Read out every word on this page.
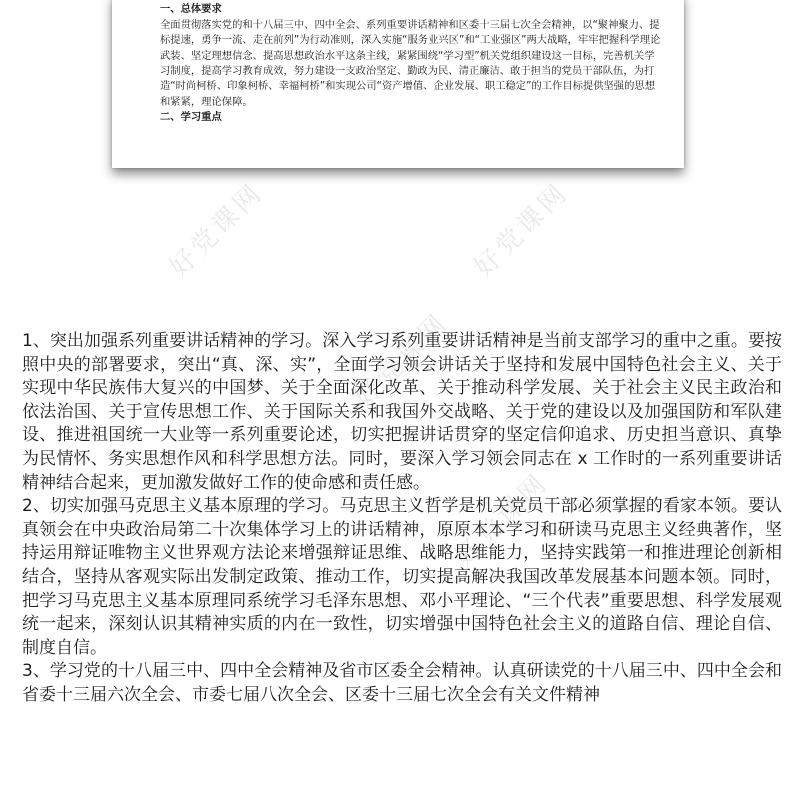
一、总体要求
全面贯彻落实党的和十八届三中、四中全会、系列重要讲话精神和区委十三届七次全会精神，以“聚神聚力、提标提速，勇争一流、走在前列”为行动准则，深入实施“服务业兴区”和“工业强区”两大战略，牢牢把握科学理论武装、坚定理想信念、提高思想政治水平这条主线，紧紧围绕“学习型”机关党组织建设这一目标，完善机关学习制度，提高学习教育成效，努力建设一支政治坚定、勤政为民、清正廉洁、敢于担当的党员干部队伍，为打造“时尚柯桥、印象柯桥、幸福柯桥”和实现公司“资产增值、企业发展、职工稳定”的工作目标提供坚强的思想和紧紧，理论保障。
二、学习重点
好党课网	好党课网
好党课网
好党课网

1、突出加强系列重要讲话精神的学习。深入学习系列重要讲话精神是当前支部学习的重中之重。要按照中央的部署要求，突出“真、深、实”，全面学习领会讲话关于坚持和发展中国特色社会主义、关于实现中华民族伟大复兴的中国梦、关于全面深化改革、关于推动科学发展、关于社会主义民主政治和依法治国、关于宣传思想工作、关于国际关系和我国外交战略、关于党的建设以及加强国防和军队建设、推进祖国统一大业等一系列重要论述，切实把握讲话贯穿的坚定信仰追求、历史担当意识、真挚为民情怀、务实思想作风和科学思想方法。同时，要深入学习领会同志在 x 工作时的一系列重要讲话精神结合起来，更加激发做好工作的使命感和责任感。

2、切实加强马克思主义基本原理的学习。马克思主义哲学是机关党员干部必须掌握的看家本领。要认真领会在中央政治局第二十次集体学习上的讲话精神，原原本本学习和研读马克思主义经典著作，坚持运用辩证唯物主义世界观方法论来增强辩证思维、战略思维能力，坚持实践第一和推进理论创新相结合，坚持从客观实际出发制定政策、推动工作，切实提高解决我国改革发展基本问题本领。同时，把学习马克思主义基本原理同系统学习毛泽东思想、邓小平理论、“三个代表”重要思想、科学发展观统一起来，深刻认识其精神实质的内在一致性，切实增强中国特色社会主义的道路自信、理论自信、制度自信。

3、学习党的十八届三中、四中全会精神及省市区委全会精神。认真研读党的十八届三中、四中全会和省委十三届六次全会、市委七届八次全会、区委十三届七次全会有关文件精神
